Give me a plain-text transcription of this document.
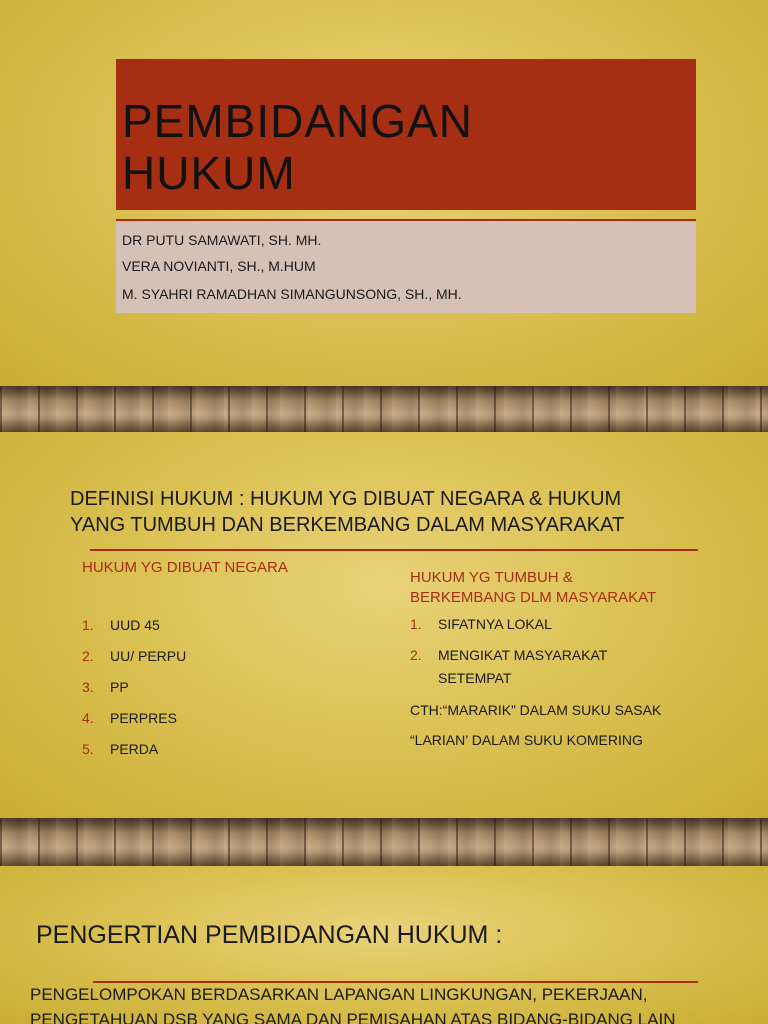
PEMBIDANGAN
HUKUM
DR PUTU SAMAWATI, SH. MH.
VERA NOVIANTI, SH., M.HUM
M. SYAHRI RAMADHAN SIMANGUNSONG, SH., MH.
DEFINISI HUKUM : HUKUM YG DIBUAT NEGARA & HUKUM
YANG TUMBUH DAN BERKEMBANG DALAM MASYARAKAT
HUKUM YG DIBUAT NEGARA
1. UUD 45
2. UU/ PERPU
3. PP
4. PERPRES
5. PERDA
HUKUM YG TUMBUH &
BERKEMBANG DLM MASYARAKAT
1. SIFATNYA LOKAL
2. MENGIKAT MASYARAKAT
SETEMPAT
CTH:“MARARIK” DALAM SUKU SASAK
“LARIAN’ DALAM SUKU KOMERING
PENGERTIAN PEMBIDANGAN HUKUM :
PENGELOMPOKAN BERDASARKAN LAPANGAN LINGKUNGAN, PEKERJAAN,
PENGETAHUAN DSB YANG SAMA DAN PEMISAHAN ATAS BIDANG-BIDANG LAIN
